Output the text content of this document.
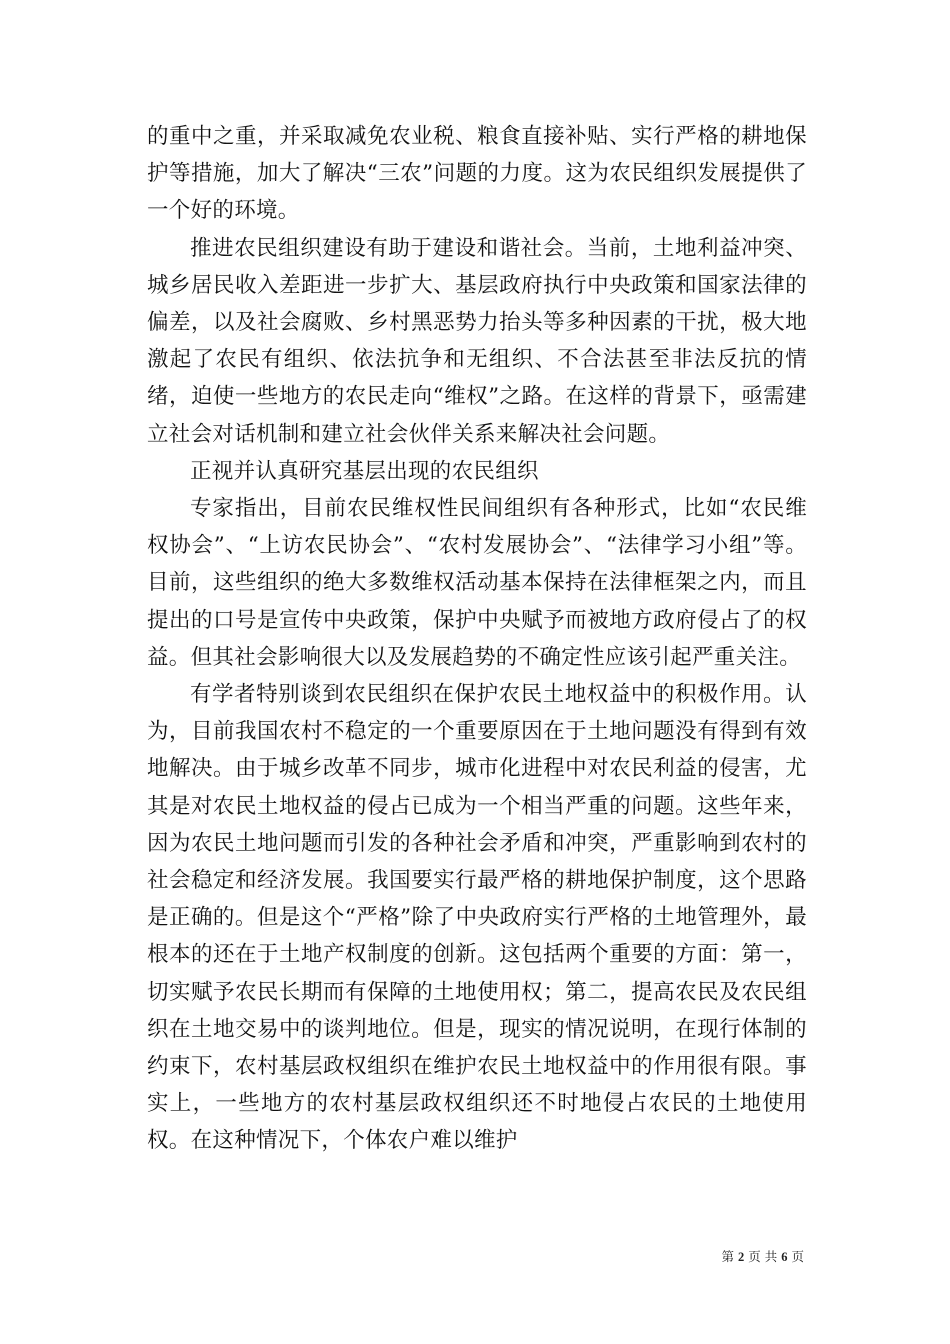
的重中之重，并采取减免农业税、粮食直接补贴、实行严格的耕地保护等措施，加大了解决“三农”问题的力度。这为农民组织发展提供了一个好的环境。

推进农民组织建设有助于建设和谐社会。当前，土地利益冲突、城乡居民收入差距进一步扩大、基层政府执行中央政策和国家法律的偏差，以及社会腐败、乡村黑恶势力抬头等多种因素的干扰，极大地激起了农民有组织、依法抗争和无组织、不合法甚至非法反抗的情绪，迫使一些地方的农民走向“维权”之路。在这样的背景下，亟需建立社会对话机制和建立社会伙伴关系来解决社会问题。

正视并认真研究基层出现的农民组织

专家指出，目前农民维权性民间组织有各种形式，比如“农民维权协会”、“上访农民协会”、“农村发展协会”、“法律学习小组”等。目前，这些组织的绝大多数维权活动基本保持在法律框架之内，而且提出的口号是宣传中央政策，保护中央赋予而被地方政府侵占了的权益。但其社会影响很大以及发展趋势的不确定性应该引起严重关注。

有学者特别谈到农民组织在保护农民土地权益中的积极作用。认为，目前我国农村不稳定的一个重要原因在于土地问题没有得到有效地解决。由于城乡改革不同步，城市化进程中对农民利益的侵害，尤其是对农民土地权益的侵占已成为一个相当严重的问题。这些年来，因为农民土地问题而引发的各种社会矛盾和冲突，严重影响到农村的社会稳定和经济发展。我国要实行最严格的耕地保护制度，这个思路是正确的。但是这个“严格”除了中央政府实行严格的土地管理外，最根本的还在于土地产权制度的创新。这包括两个重要的方面：第一，切实赋予农民长期而有保障的土地使用权；第二，提高农民及农民组织在土地交易中的谈判地位。但是，现实的情况说明，在现行体制的约束下，农村基层政权组织在维护农民土地权益中的作用很有限。事实上，一些地方的农村基层政权组织还不时地侵占农民的土地使用权。在这种情况下，个体农户难以维护

第 2 页 共 6 页
